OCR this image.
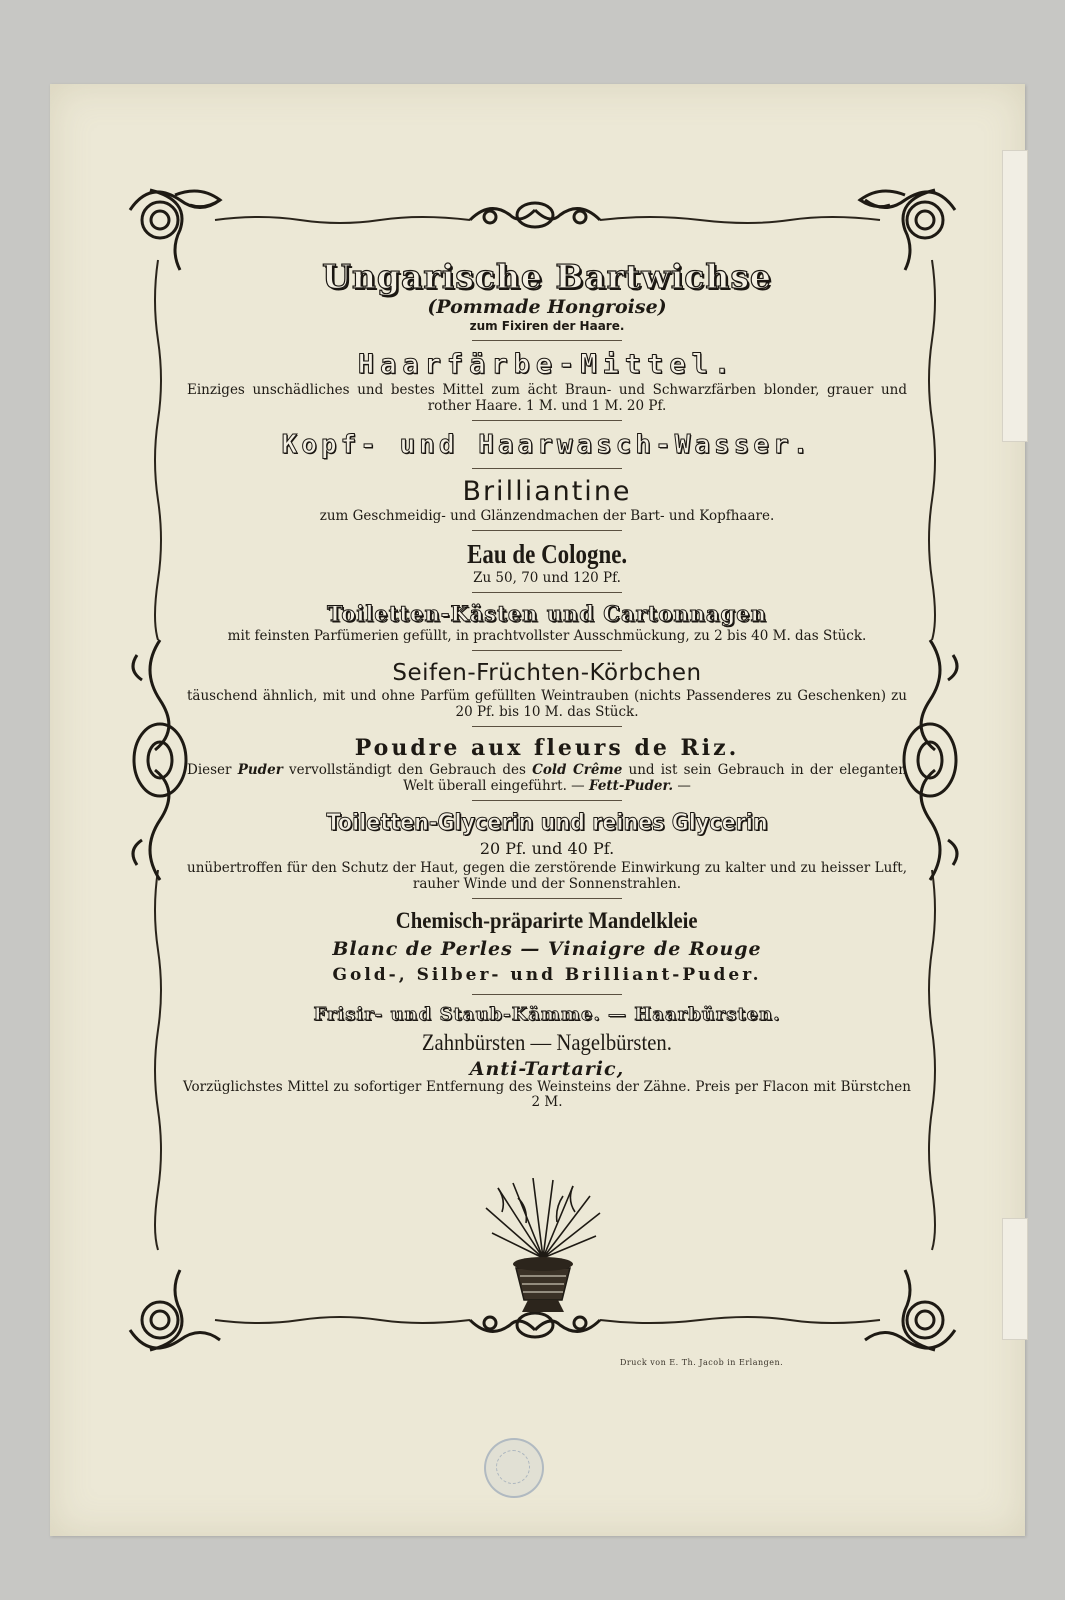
Ungarische Bartwichse
(Pommade Hongroise)
zum Fixiren der Haare.
Haarfärbe-Mittel.
Einziges unschädliches und bestes Mittel zum ächt Braun- und Schwarzfärben blonder, grauer und rother Haare. 1 M. und 1 M. 20 Pf.
Kopf- und Haarwasch-Wasser.
Brilliantine
zum Geschmeidig- und Glänzendmachen der Bart- und Kopfhaare.
Eau de Cologne.
Zu 50, 70 und 120 Pf.
Toiletten-Kästen und Cartonnagen
mit feinsten Parfümerien gefüllt, in prachtvollster Ausschmückung, zu 2 bis 40 M. das Stück.
Seifen-Früchten-Körbchen
täuschend ähnlich, mit und ohne Parfüm gefüllten Weintrauben (nichts Passenderes zu Geschenken) zu 20 Pf. bis 10 M. das Stück.
Poudre aux fleurs de Riz.
Dieser Puder vervollständigt den Gebrauch des Cold Crême und ist sein Gebrauch in der eleganten Welt überall eingeführt. — Fett-Puder. —
Toiletten-Glycerin und reines Glycerin
20 Pf. und 40 Pf.
unübertroffen für den Schutz der Haut, gegen die zerstörende Einwirkung zu kalter und zu heisser Luft, rauher Winde und der Sonnenstrahlen.
Chemisch-präparirte Mandelkleie
Blanc de Perles — Vinaigre de Rouge
Gold-, Silber- und Brilliant-Puder.
Frisir- und Staub-Kämme. — Haarbürsten.
Zahnbürsten — Nagelbürsten.
Anti-Tartaric,
Vorzüglichstes Mittel zu sofortiger Entfernung des Weinsteins der Zähne. Preis per Flacon mit Bürstchen 2 M.
Druck von E. Th. Jacob in Erlangen.
